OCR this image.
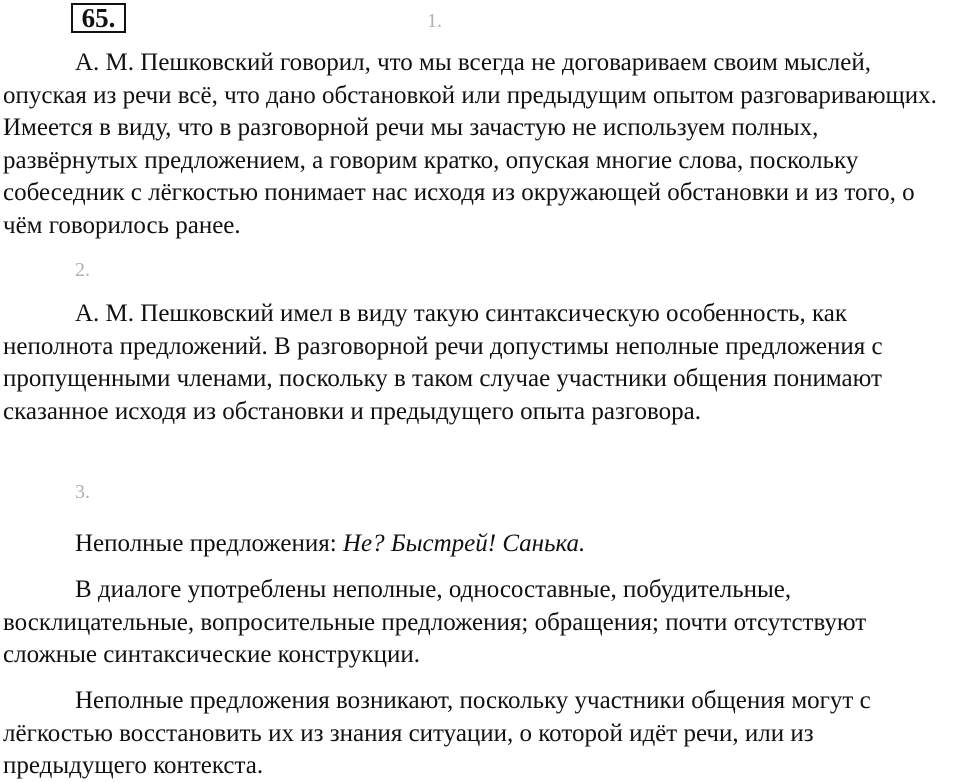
65.	1.

А. М. Пешковский говорил, что мы всегда не договариваем своим мыслей, опуская из речи всё, что дано обстановкой или предыдущим опытом разговаривающих. Имеется в виду, что в разговорной речи мы зачастую не используем полных, развёрнутых предложением, а говорим кратко, опуская многие слова, поскольку собеседник с лёгкостью понимает нас исходя из окружающей обстановки и из того, о чём говорилось ранее.

2.

А. М. Пешковский имел в виду такую синтаксическую особенность, как неполнота предложений. В разговорной речи допустимы неполные предложения с пропущенными членами, поскольку в таком случае участники общения понимают сказанное исходя из обстановки и предыдущего опыта разговора.

3.

Неполные предложения: Не? Быстрей! Санька.

В диалоге употреблены неполные, односоставные, побудительные, восклицательные, вопросительные предложения; обращения; почти отсутствуют сложные синтаксические конструкции.

Неполные предложения возникают, поскольку участники общения могут с лёгкостью восстановить их из знания ситуации, о которой идёт речи, или из предыдущего контекста.
